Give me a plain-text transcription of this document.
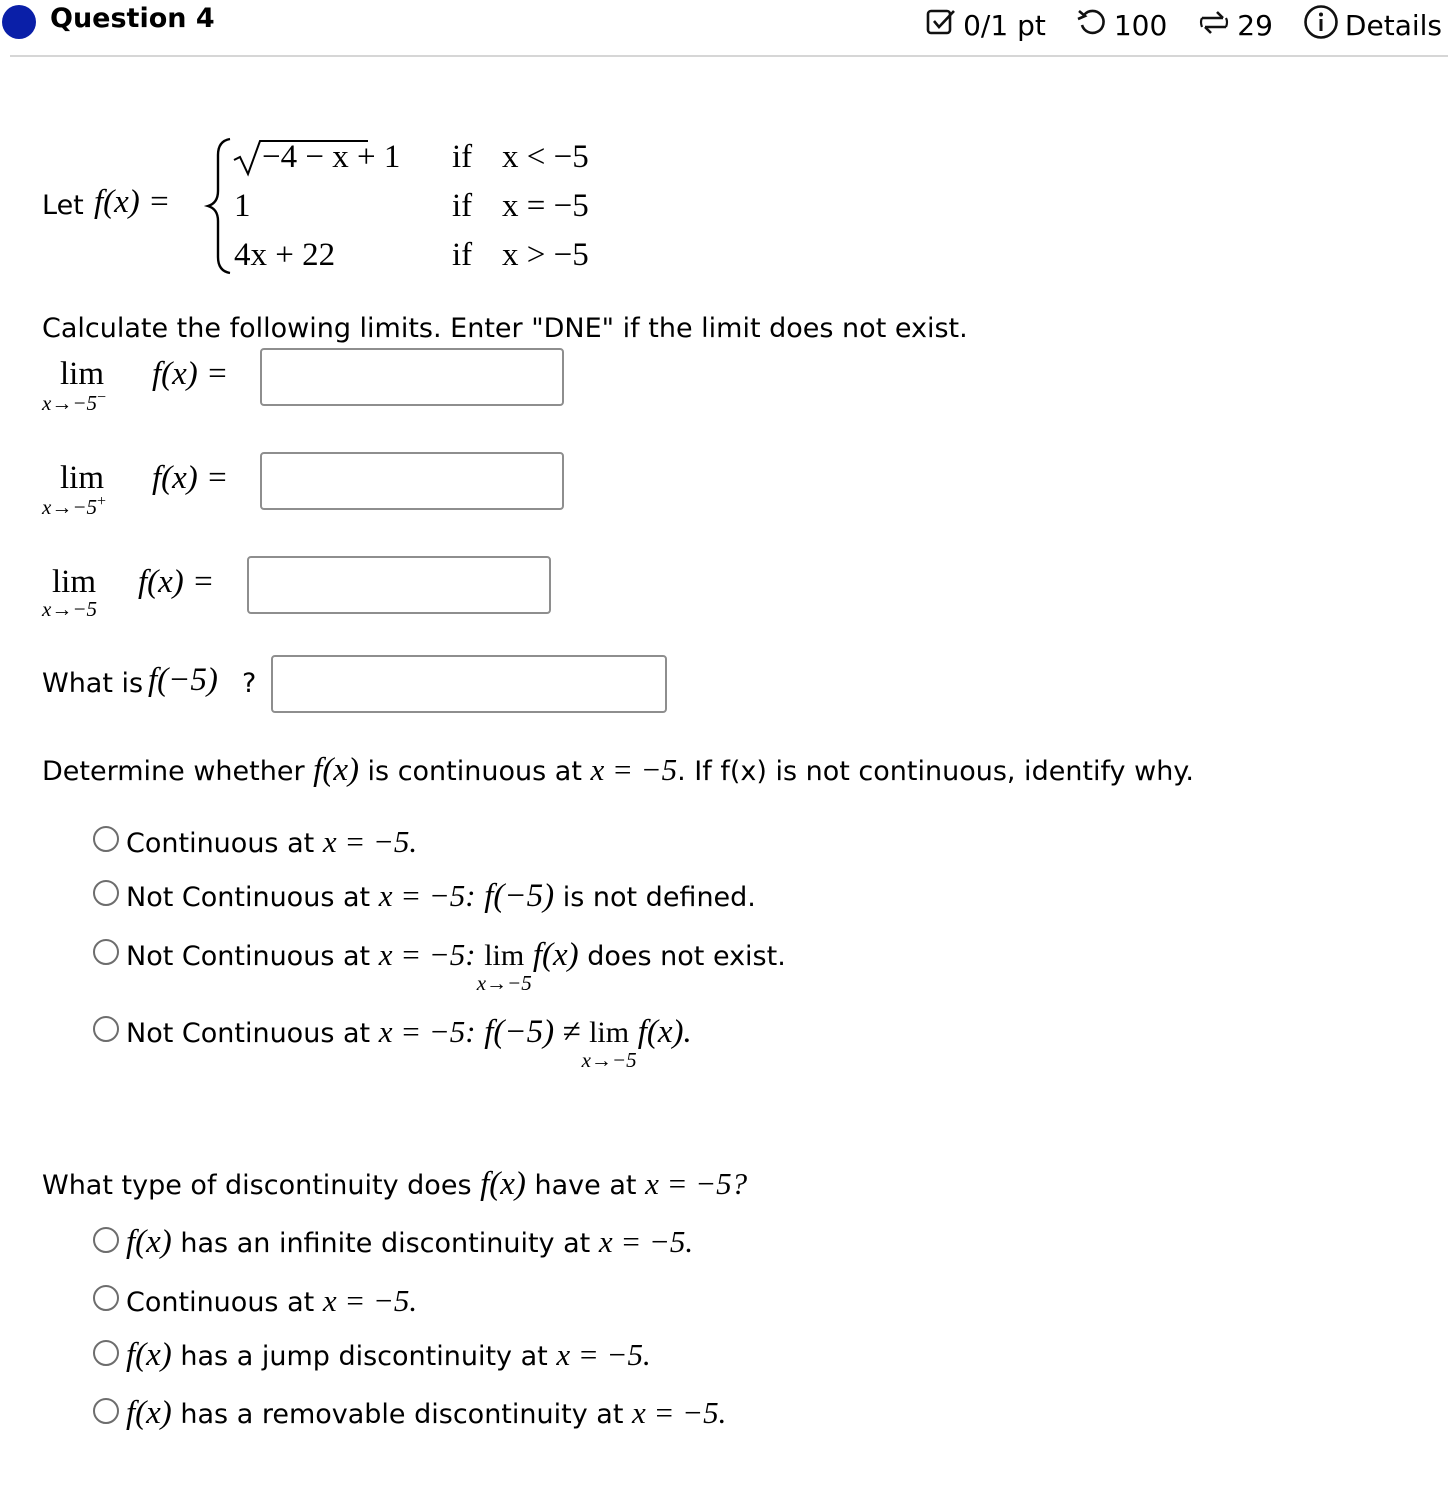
Question 4	0/1 pt 100	29	Details
Let f(x) =
−4 − x + 1 if x < −5
1	if x = −5
4x + 22	if x > −5
Calculate the following limits. Enter "DNE" if the limit does not exist.
lim
x→−5−
f(x) =
lim
x→−5+
f(x) =
lim
x→−5
f(x) =
What is f(−5) ?
Determine whether f(x) is continuous at x = −5. If f(x) is not continuous, identify why.
Continuous at x = −5.
Not Continuous at x = −5: f(−5) is not defined.
Not Continuous at x = −5: lim
x→−5
f(x) does not exist.
Not Continuous at x = −5: f(−5) ≠ lim
x→−5
f(x).
What type of discontinuity does f(x) have at x = −5?
f(x) has an infinite discontinuity at x = −5.
Continuous at x = −5.
f(x) has a jump discontinuity at x = −5.
f(x) has a removable discontinuity at x = −5.
